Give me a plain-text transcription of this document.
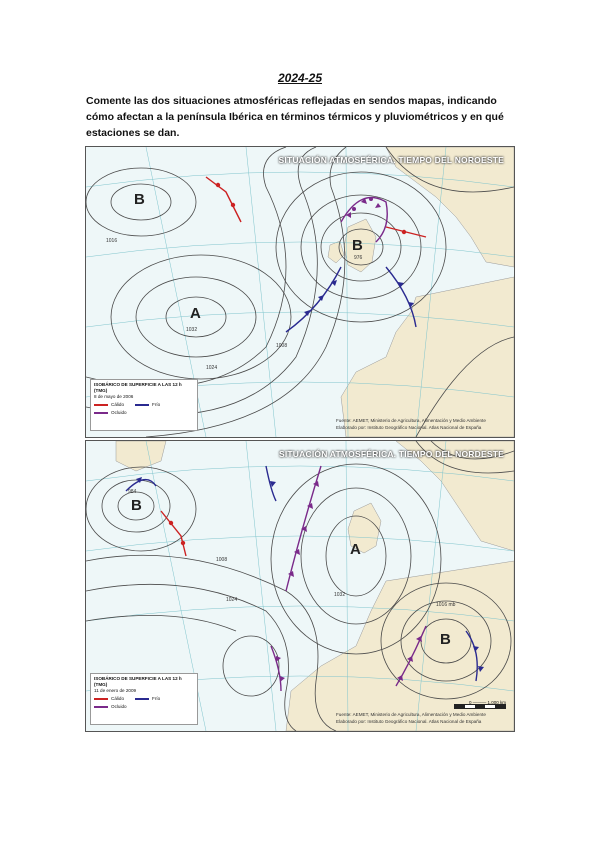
2024-25
Comente las dos situaciones atmosféricas reflejadas en sendos mapas, indicando cómo afectan a la península Ibérica en términos térmicos y pluviométricos y en qué estaciones se dan.
1016
1032
1024
1008
976
B
A
B
SITUACIÓN ATMOSFÉRICA. TIEMPO DEL NOROESTE
ISOBÁRICO DE SUPERFICIE A LAS 12 h (TMG)
8 de mayo de 2006
Cálido	Frío
Ocluido
Fuente: AEMET, Ministerio de Agricultura, Alimentación y Medio Ambiente
Elaborado por: Instituto Geográfico Nacional. Atlas Nacional de España
984
1008
1032
1024
1016 mb
B
A
B
SITUACIÓN ATMOSFÉRICA. TIEMPO DEL NORDESTE
0 ——— 1.000 km
ISOBÁRICO DE SUPERFICIE A LAS 12 h (TMG)
11 de enero de 2009
Cálido	Frío
Ocluido
Fuente: AEMET, Ministerio de Agricultura, Alimentación y Medio Ambiente
Elaborado por: Instituto Geográfico Nacional. Atlas Nacional de España
